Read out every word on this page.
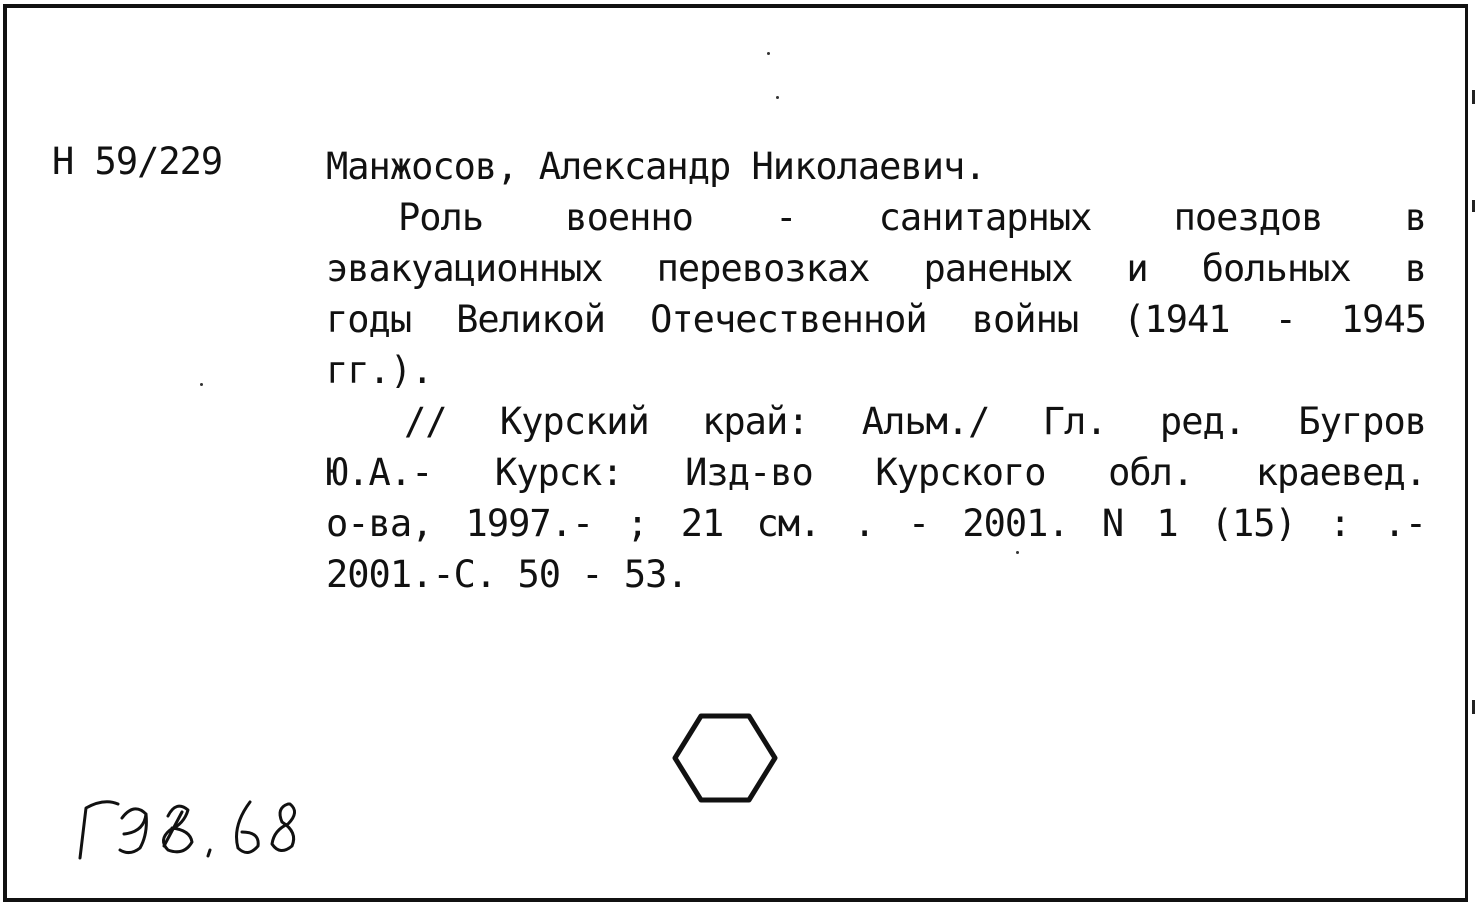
Н 59/229	Манжосов, Александр Николаевич.
Роль военно - санитарных поездов в
эвакуационных перевозках раненых и больных в
годы Великой Отечественной войны (1941 - 1945
гг.).
// Курский край: Альм./ Гл. ред. Бугров
Ю.А.- Курск: Изд-во Курского обл. краевед.
о-ва, 1997.- ; 21 см. . - 2001. N 1 (15) : .-
2001.-С. 50 - 53.
